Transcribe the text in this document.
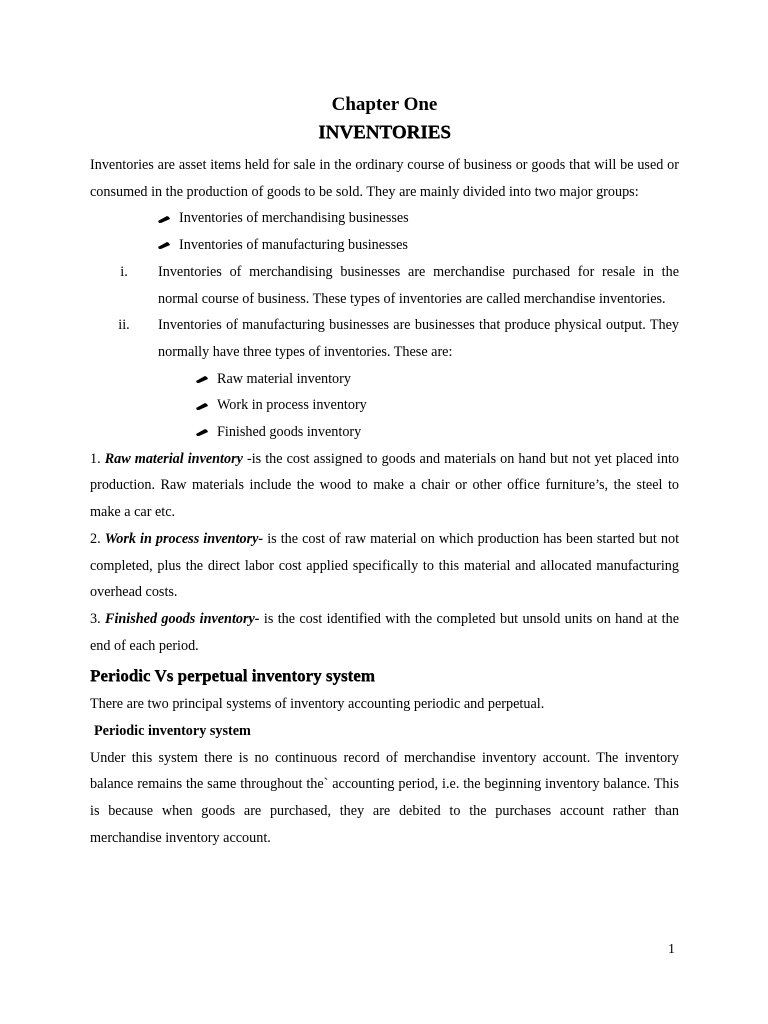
Chapter One
INVENTORIES

Inventories are asset items held for sale in the ordinary course of business or goods that will be used or consumed in the production of goods to be sold. They are mainly divided into two major groups:

Inventories of merchandising businesses
Inventories of manufacturing businesses
i.	Inventories of merchandising businesses are merchandise purchased for resale in the normal course of business. These types of inventories are called merchandise inventories.

ii.	Inventories of manufacturing businesses are businesses that produce physical output. They normally have three types of inventories. These are:

Raw material inventory
Work in process inventory
Finished goods inventory

1. Raw material inventory -is the cost assigned to goods and materials on hand but not yet placed into production. Raw materials include the wood to make a chair or other office furniture’s, the steel to make a car etc.

2. Work in process inventory- is the cost of raw material on which production has been started but not completed, plus the direct labor cost applied specifically to this material and allocated manufacturing overhead costs.

3. Finished goods inventory- is the cost identified with the completed but unsold units on hand at the end of each period.

Periodic Vs perpetual inventory system

There are two principal systems of inventory accounting periodic and perpetual.

Periodic inventory system

Under this system there is no continuous record of merchandise inventory account. The inventory balance remains the same throughout the` accounting period, i.e. the beginning inventory balance. This is because when goods are purchased, they are debited to the purchases account rather than merchandise inventory account.

1
